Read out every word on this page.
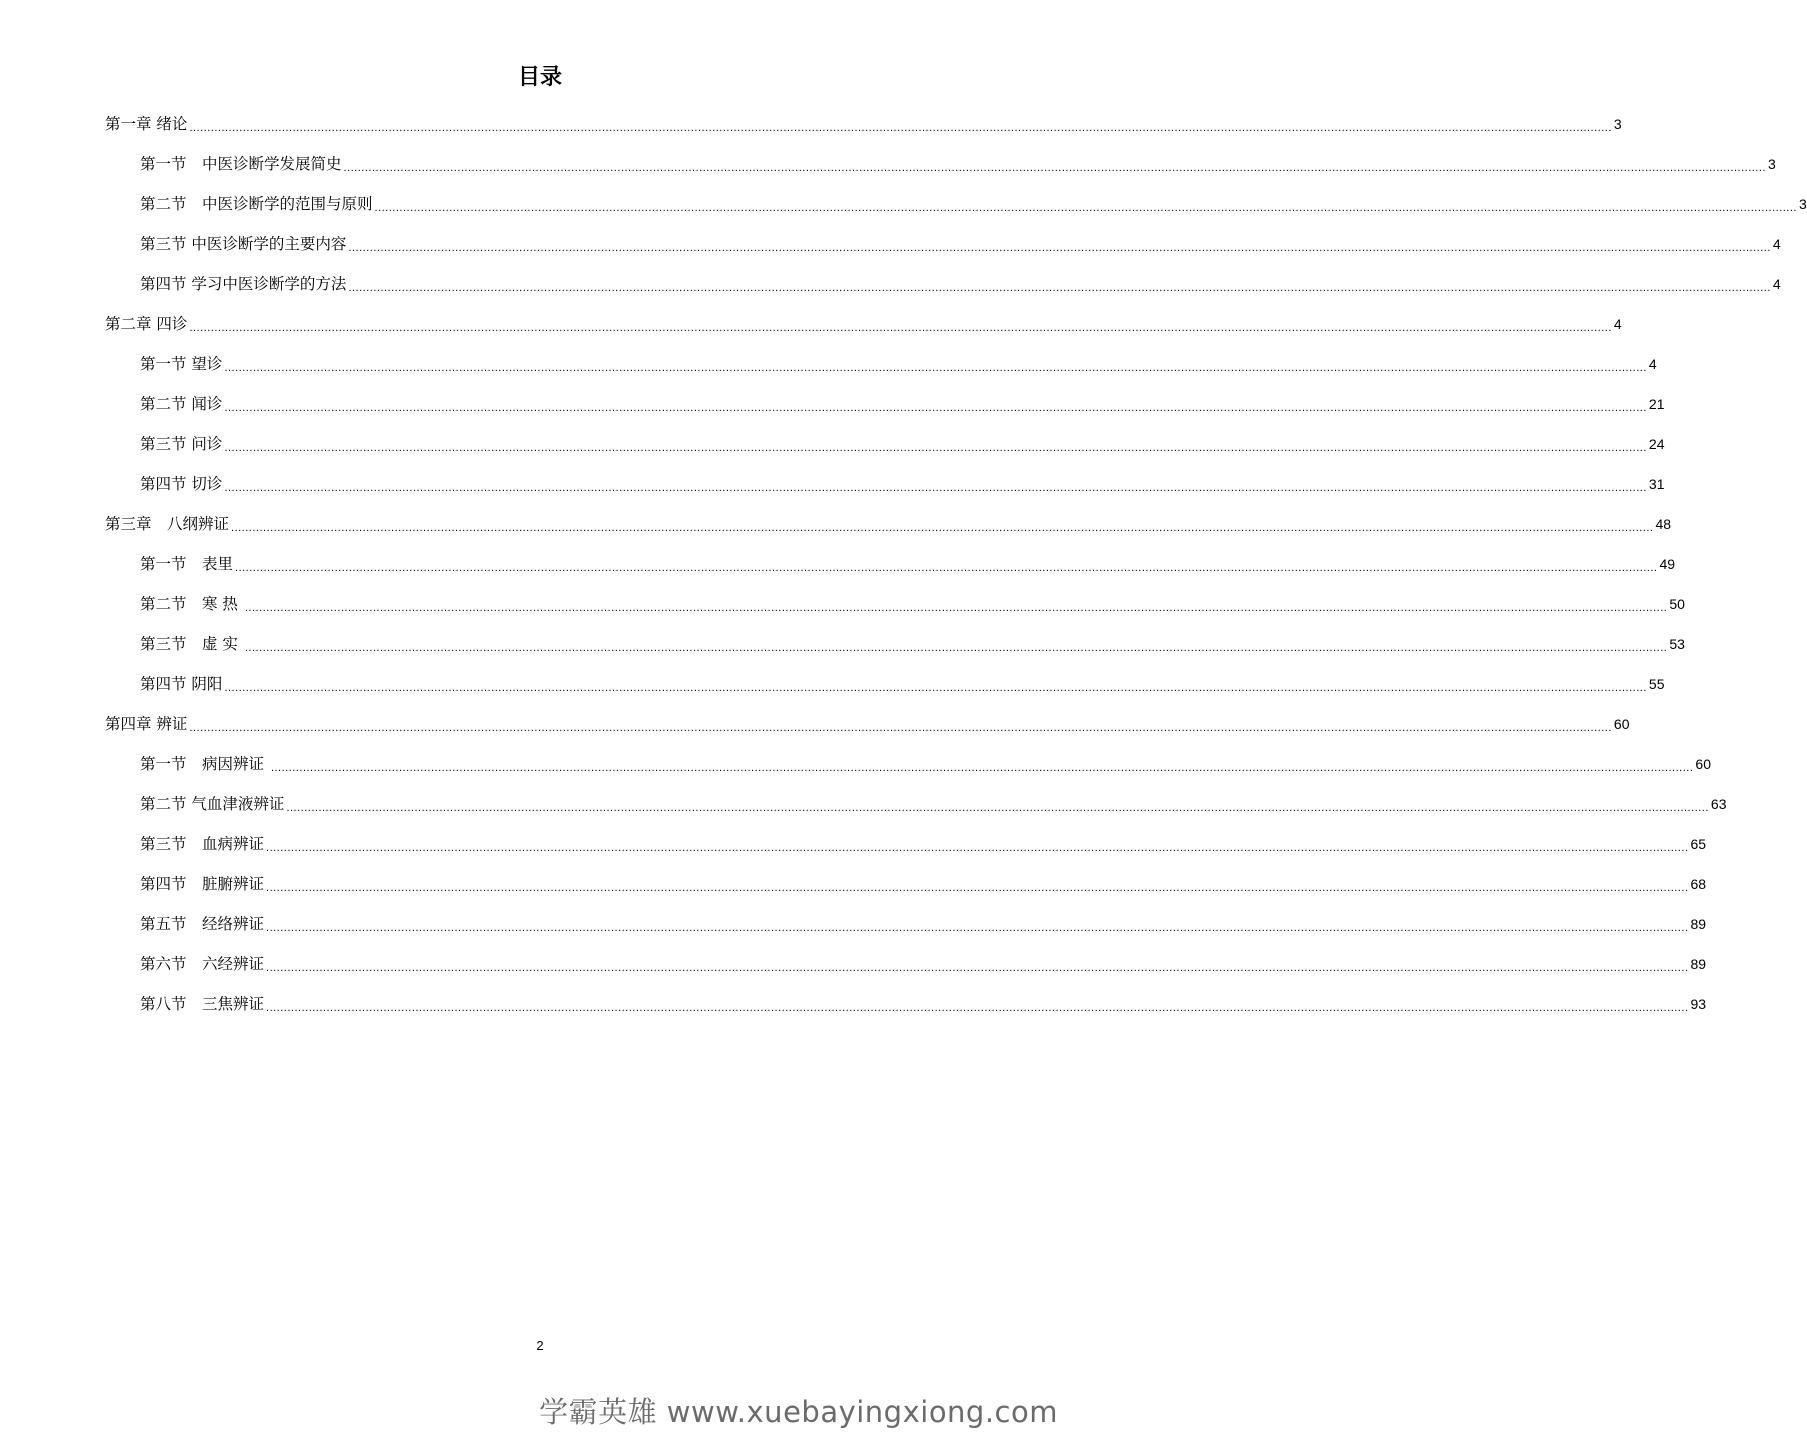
目录
第一章 绪论 ................................................................................................................................................................................................................................................................................................................................................................................................................ 3
第一节　中医诊断学发展简史 ................................................................................................................................................................................................................................................................................................................................................................................................................ 3
第二节　中医诊断学的范围与原则 ................................................................................................................................................................................................................................................................................................................................................................................................................ 3
第三节 中医诊断学的主要内容 ................................................................................................................................................................................................................................................................................................................................................................................................................ 4
第四节 学习中医诊断学的方法 ................................................................................................................................................................................................................................................................................................................................................................................................................ 4
第二章 四诊 ................................................................................................................................................................................................................................................................................................................................................................................................................ 4
第一节 望诊 ................................................................................................................................................................................................................................................................................................................................................................................................................ 4
第二节 闻诊 ................................................................................................................................................................................................................................................................................................................................................................................................................ 21
第三节 问诊 ................................................................................................................................................................................................................................................................................................................................................................................................................ 24
第四节 切诊 ................................................................................................................................................................................................................................................................................................................................................................................................................ 31
第三章　八纲辨证 ................................................................................................................................................................................................................................................................................................................................................................................................................ 48
第一节　表里 ................................................................................................................................................................................................................................................................................................................................................................................................................ 49
第二节　寒 热 ................................................................................................................................................................................................................................................................................................................................................................................................................ 50
第三节　虚 实 ................................................................................................................................................................................................................................................................................................................................................................................................................ 53
第四节 阴阳 ................................................................................................................................................................................................................................................................................................................................................................................................................ 55
第四章 辨证 ................................................................................................................................................................................................................................................................................................................................................................................................................ 60
第一节　病因辨证 ................................................................................................................................................................................................................................................................................................................................................................................................................ 60
第二节 气血津液辨证 ................................................................................................................................................................................................................................................................................................................................................................................................................ 63
第三节　血病辨证 ................................................................................................................................................................................................................................................................................................................................................................................................................ 65
第四节　脏腑辨证 ................................................................................................................................................................................................................................................................................................................................................................................................................ 68
第五节　经络辨证 ................................................................................................................................................................................................................................................................................................................................................................................................................ 89
第六节　六经辨证 ................................................................................................................................................................................................................................................................................................................................................................................................................ 89
第八节　三焦辨证 ................................................................................................................................................................................................................................................................................................................................................................................................................ 93
2
学霸英雄 www.xuebayingxiong.com
